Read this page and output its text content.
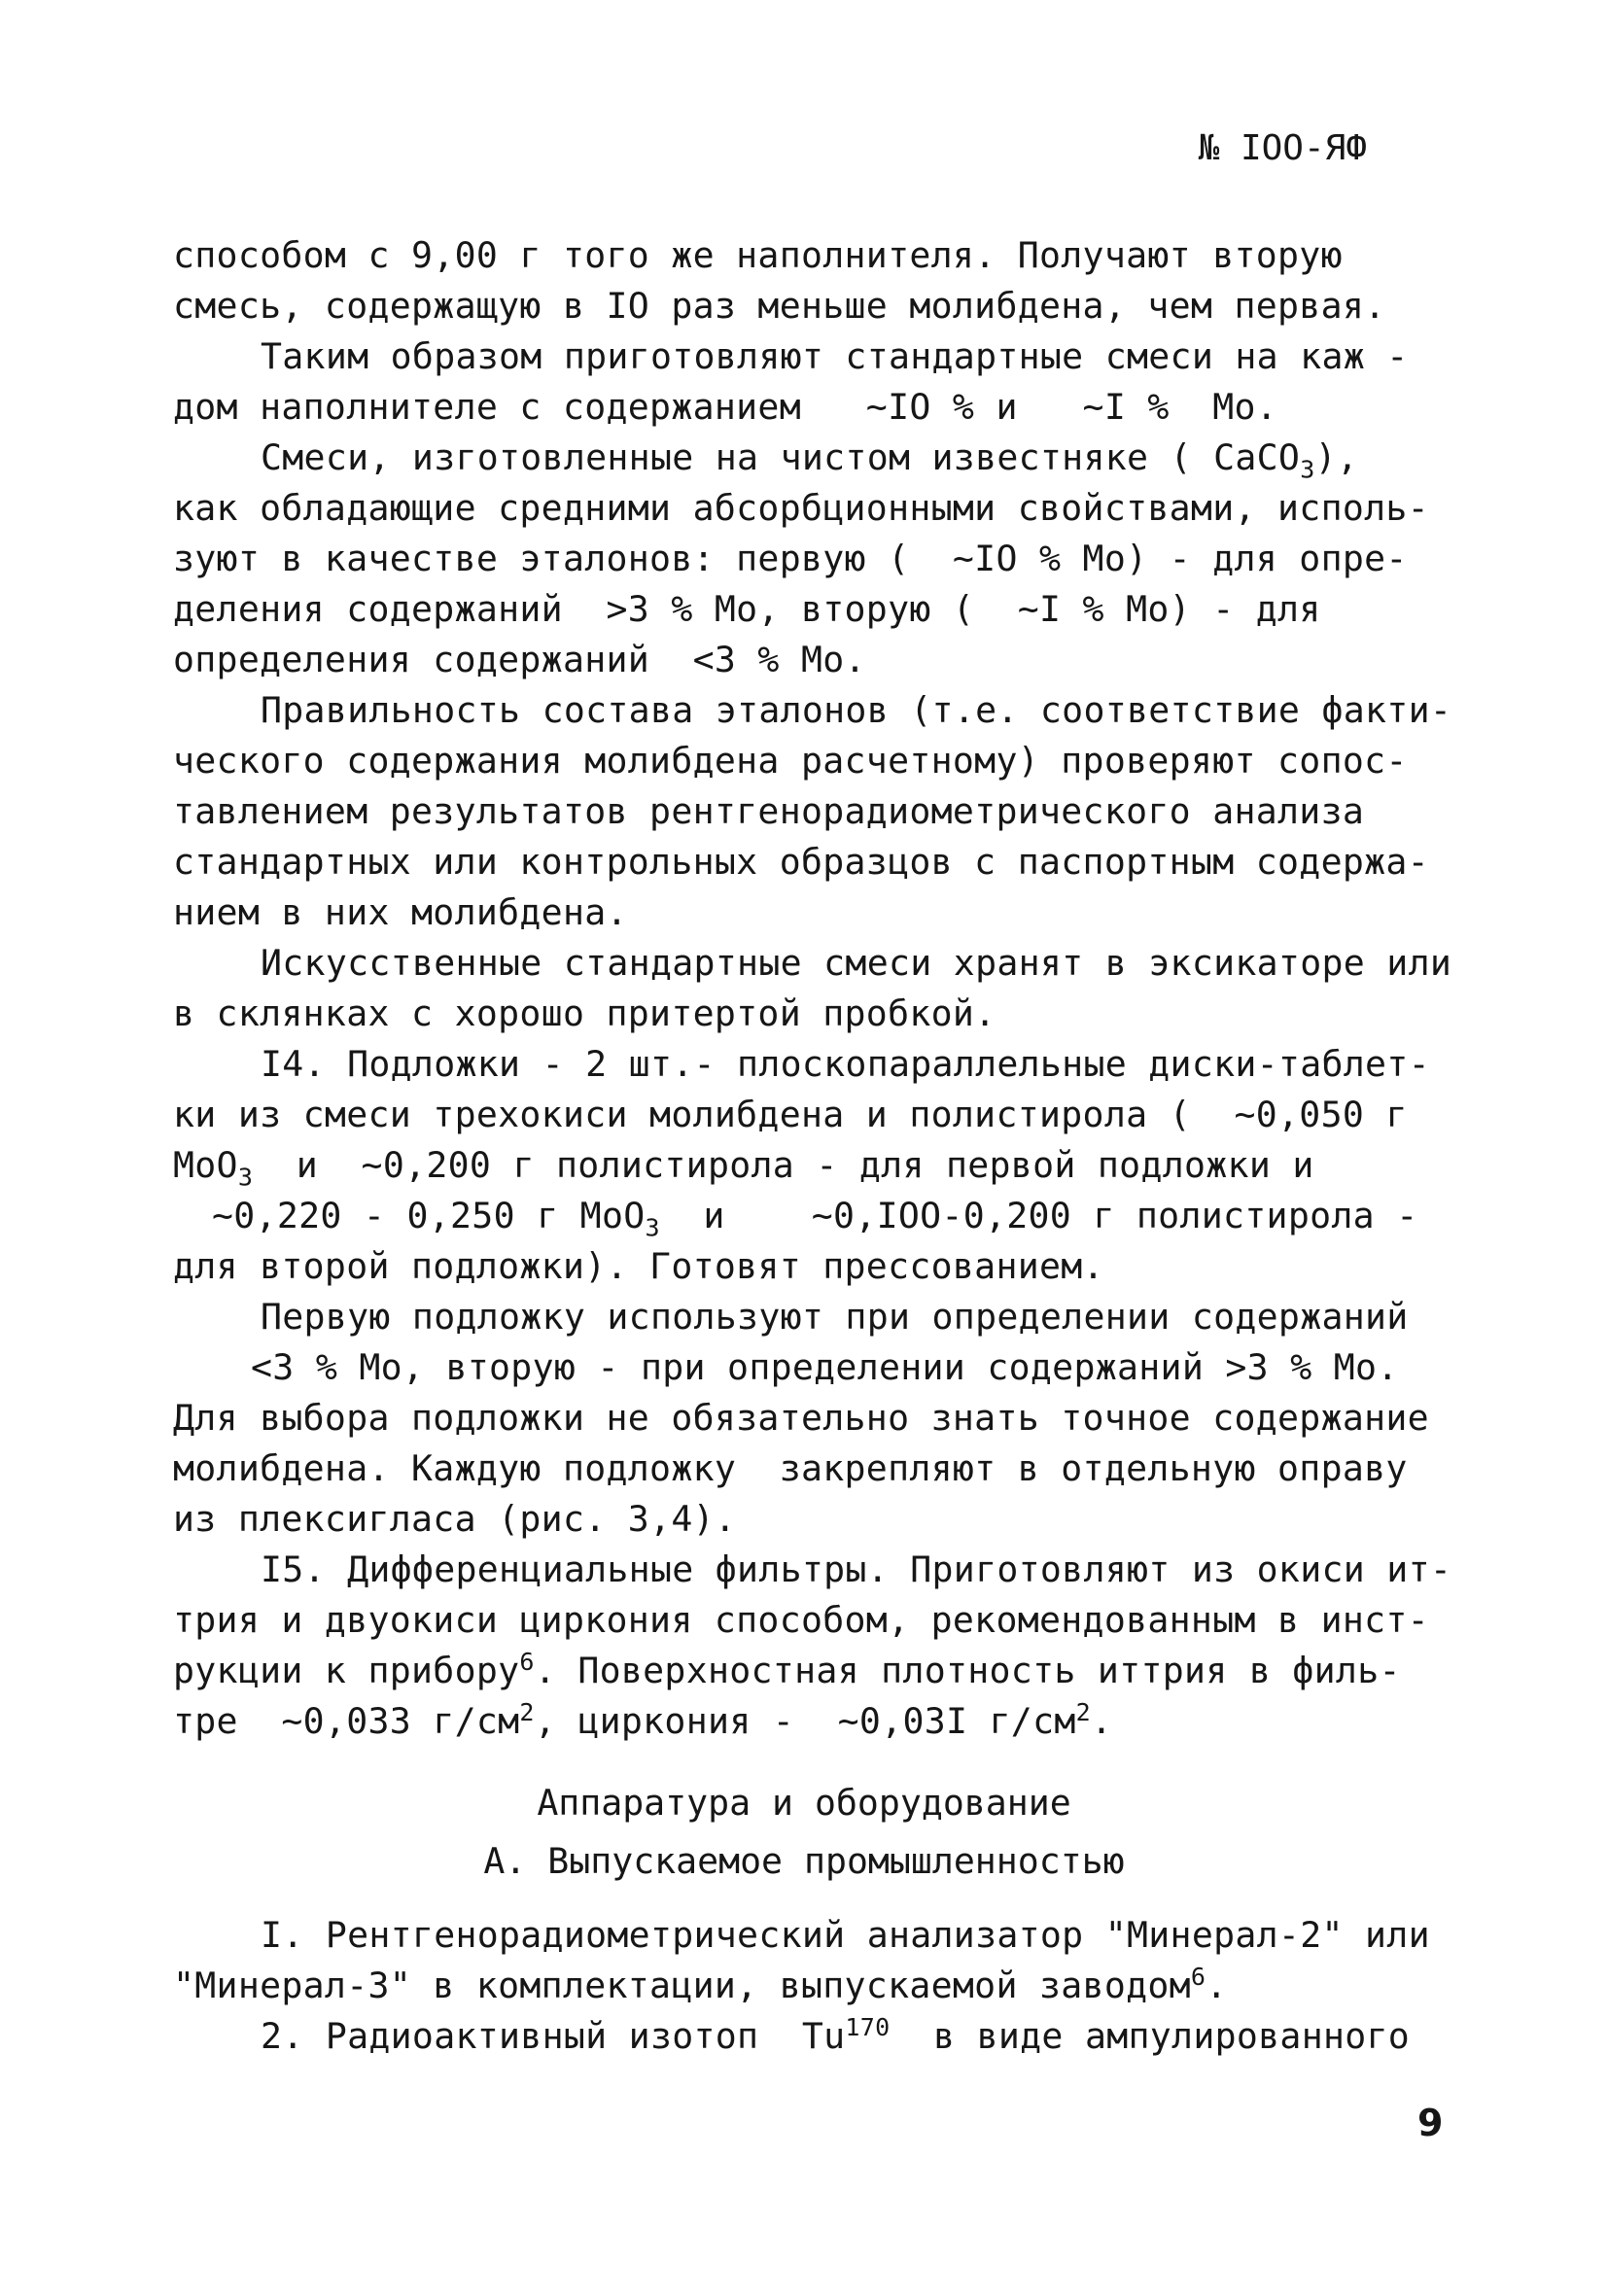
№ IOO-ЯФ
способом с 9,00 г того же наполнителя. Получают вторую
смесь, содержащую в IO раз меньше молибдена, чем первая.
Таким образом приготовляют стандартные смеси на каж -
дом наполнителе с содержанием   ~IO % и   ~I %  Mo.
Смеси, изготовленные на чистом известняке ( CaCO$_3$),
как обладающие средними абсорбционными свойствами, исполь-
зуют в качестве эталонов: первую (  ~IO % Mo) - для опре-
деления содержаний  >3 % Mo, вторую (  ~I % Mo) - для
определения содержаний  <3 % Mo.
Правильность состава эталонов (т.е. соответствие факти-
ческого содержания молибдена расчетному) проверяют сопос-
тавлением результатов рентгенорадиометрического анализа
стандартных или контрольных образцов с паспортным содержа-
нием в них молибдена.
Искусственные стандартные смеси хранят в эксикаторе или
в склянках с хорошо притертой пробкой.
I4. Подложки - 2 шт.- плоскопараллельные диски-таблет-
ки из смеси трехокиси молибдена и полистирола (  ~0,050 г
MoO$_3$  и  ~0,200 г полистирола - для первой подложки и
~0,220 - 0,250 г MoO$_3$  и    ~0,IOO-0,200 г полистирола -
для второй подложки). Готовят прессованием.
Первую подложку используют при определении содержаний
<3 % Mo, вторую - при определении содержаний >3 % Mo.
Для выбора подложки не обязательно знать точное содержание
молибдена. Каждую подложку  закрепляют в отдельную оправу
из плексигласа (рис. 3,4).
I5. Дифференциальные фильтры. Приготовляют из окиси ит-
трия и двуокиси циркония способом, рекомендованным в инст-
рукции к прибору$^6$. Поверхностная плотность иттрия в филь-
тре  ~0,033 $г/см^2$, циркония -  ~0,03I $г/см^2$.
Аппаратура и оборудование
А. Выпускаемое промышленностью
I. Рентгенорадиометрический анализатор "Минерал-2" или
"Минерал-3" в комплектации, выпускаемой заводом$^6$.
2. Радиоактивный изотоп  Tu$^{170}$  в виде ампулированного
9
